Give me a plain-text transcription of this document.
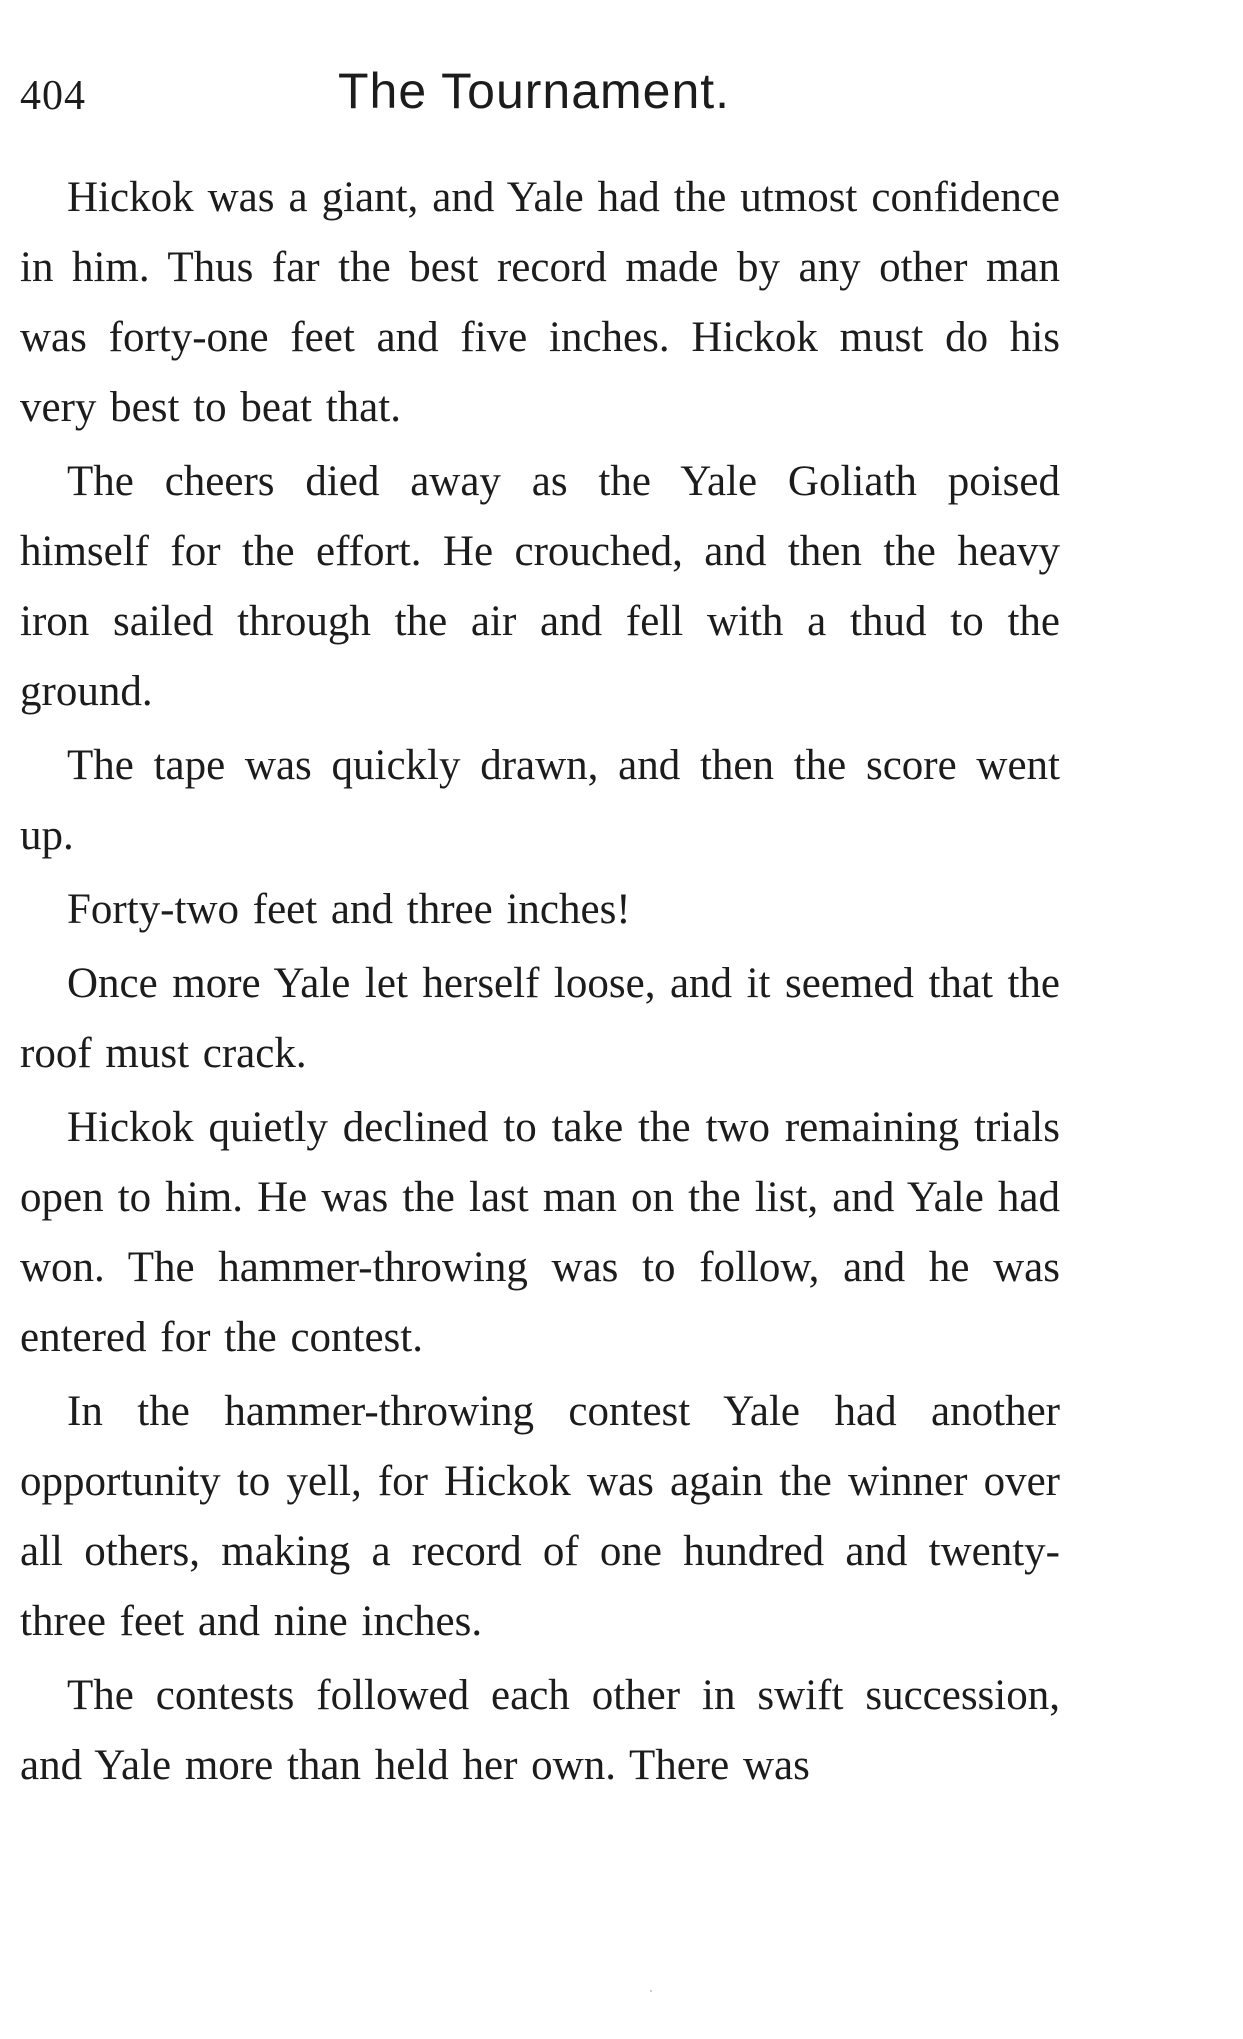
404	The Tournament.

Hickok was a giant, and Yale had the utmost confidence in him. Thus far the best record made by any other man was forty-one feet and five inches. Hickok must do his very best to beat that.

The cheers died away as the Yale Goliath poised himself for the effort. He crouched, and then the heavy iron sailed through the air and fell with a thud to the ground.

The tape was quickly drawn, and then the score went up.

Forty-two feet and three inches!

Once more Yale let herself loose, and it seemed that the roof must crack.

Hickok quietly declined to take the two remaining trials open to him. He was the last man on the list, and Yale had won. The hammer-throwing was to follow, and he was entered for the contest.

In the hammer-throwing contest Yale had another opportunity to yell, for Hickok was again the winner over all others, making a record of one hundred and twenty-three feet and nine inches.

The contests followed each other in swift succession, and Yale more than held her own. There was
